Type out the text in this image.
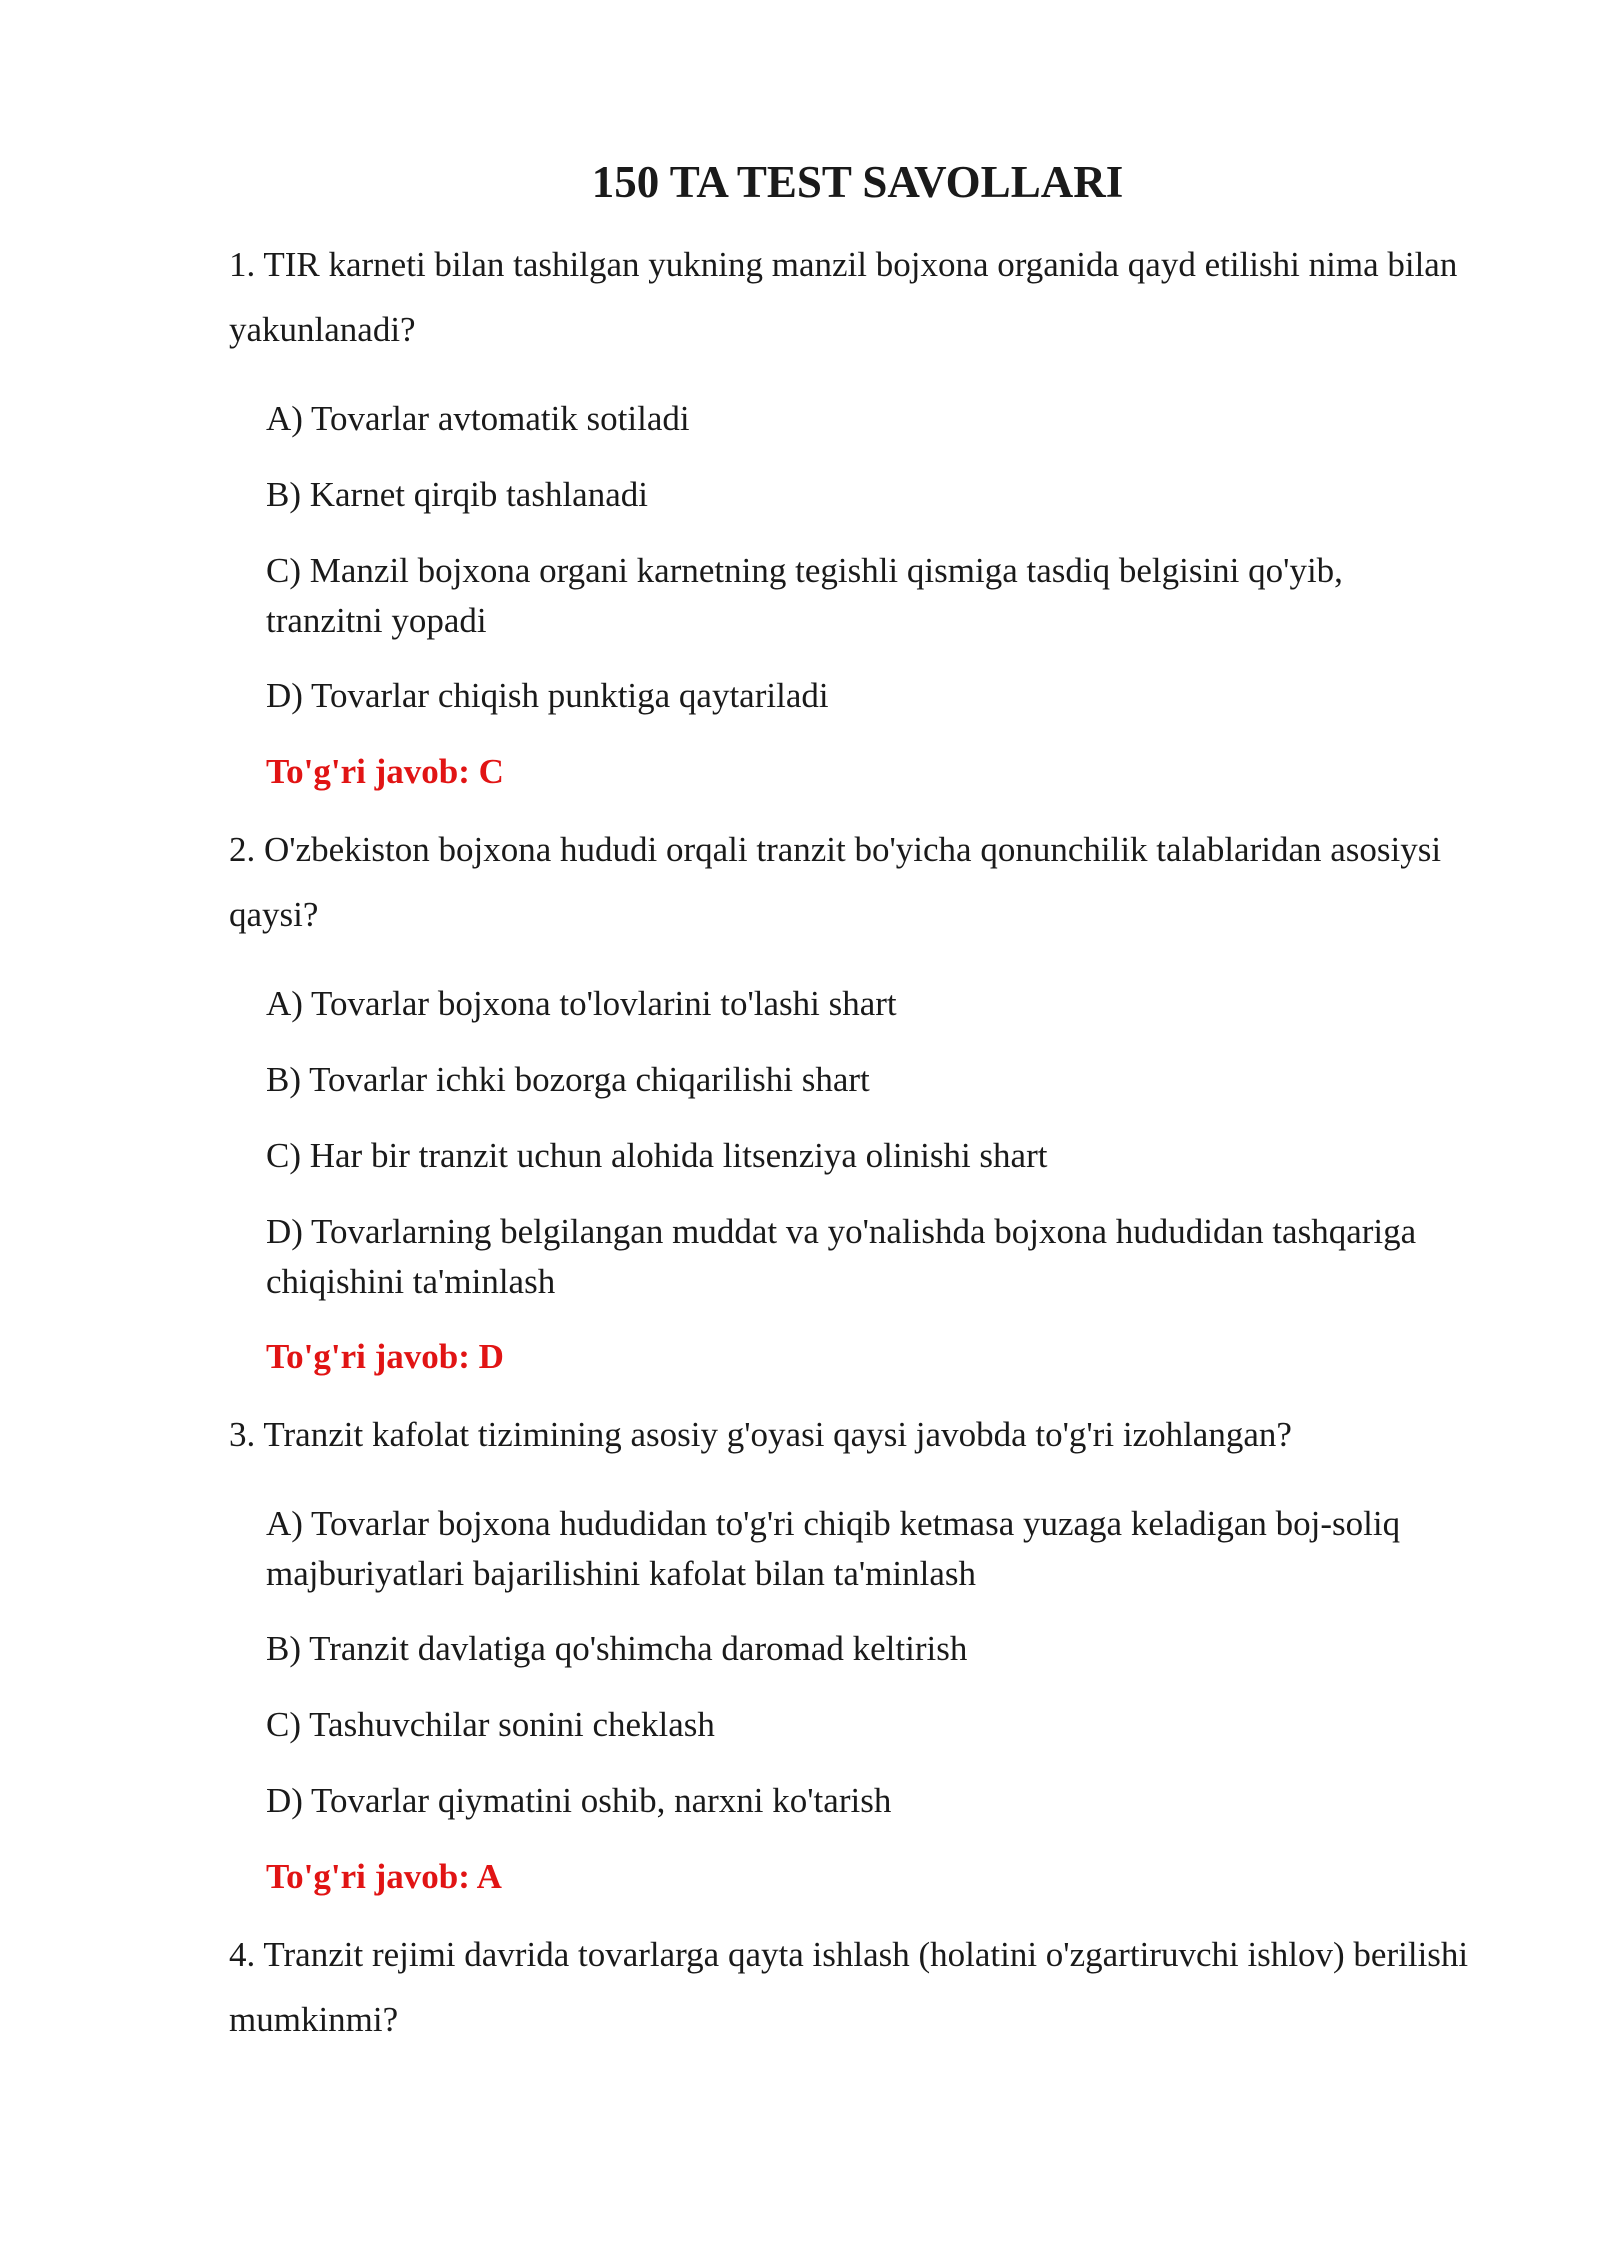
150 TA TEST SAVOLLARI

1. TIR karneti bilan tashilgan yukning manzil bojxona organida qayd etilishi nima bilan yakunlanadi?

A) Tovarlar avtomatik sotiladi

B) Karnet qirqib tashlanadi

C) Manzil bojxona organi karnetning tegishli qismiga tasdiq belgisini qo'yib, tranzitni yopadi

D) Tovarlar chiqish punktiga qaytariladi

To'g'ri javob: C

2. O'zbekiston bojxona hududi orqali tranzit bo'yicha qonunchilik talablaridan asosiysi qaysi?

A) Tovarlar bojxona to'lovlarini to'lashi shart

B) Tovarlar ichki bozorga chiqarilishi shart

C) Har bir tranzit uchun alohida litsenziya olinishi shart

D) Tovarlarning belgilangan muddat va yo'nalishda bojxona hududidan tashqariga chiqishini ta'minlash

To'g'ri javob: D

3. Tranzit kafolat tizimining asosiy g'oyasi qaysi javobda to'g'ri izohlangan?

A) Tovarlar bojxona hududidan to'g'ri chiqib ketmasa yuzaga keladigan boj-soliq majburiyatlari bajarilishini kafolat bilan ta'minlash

B) Tranzit davlatiga qo'shimcha daromad keltirish

C) Tashuvchilar sonini cheklash

D) Tovarlar qiymatini oshib, narxni ko'tarish

To'g'ri javob: A

4. Tranzit rejimi davrida tovarlarga qayta ishlash (holatini o'zgartiruvchi ishlov) berilishi mumkinmi?
